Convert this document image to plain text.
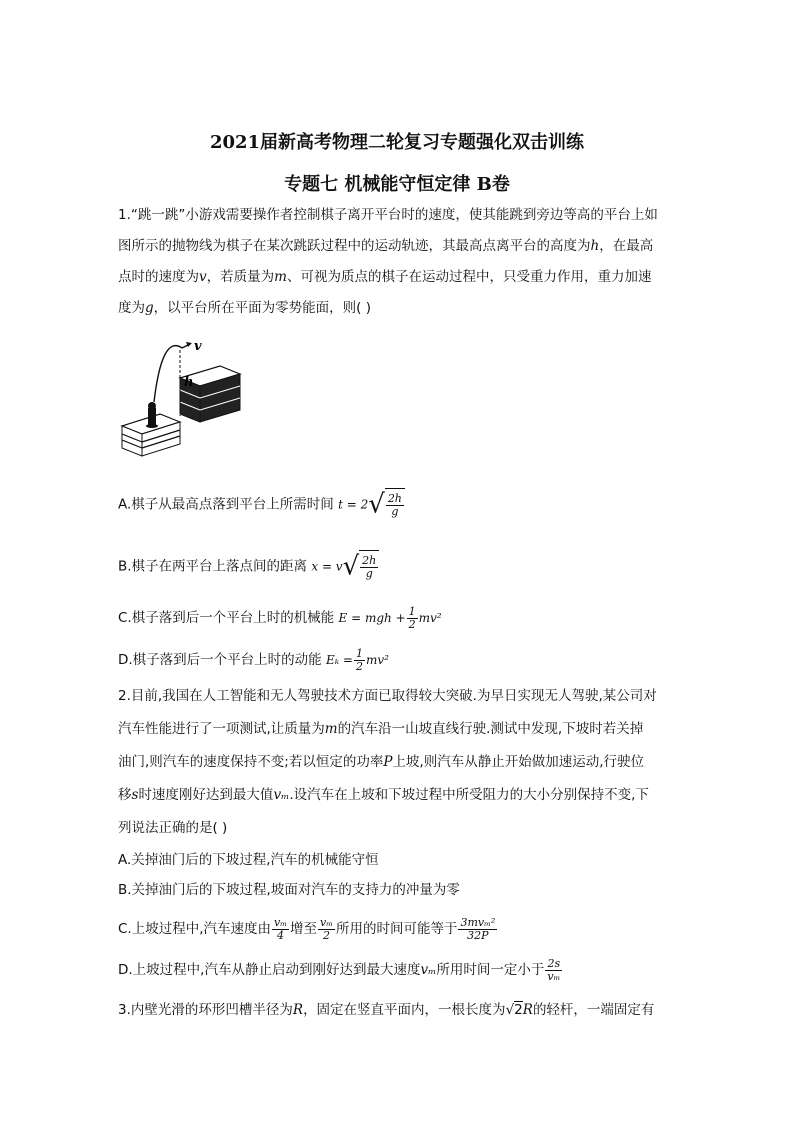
2021届新高考物理二轮复习专题强化双击训练
专题七 机械能守恒定律 B卷
1.“跳一跳”小游戏需要操作者控制棋子离开平台时的速度，使其能跳到旁边等高的平台上如
图所示的抛物线为棋子在某次跳跃过程中的运动轨迹，其最高点离平台的高度为h，在最高
点时的速度为v，若质量为m、可视为质点的棋子在运动过程中，只受重力作用，重力加速
度为g，以平台所在平面为零势能面，则( )
v
h
A.棋子从最高点落到平台上所需时间 $t = 2√ \frac{2h}{g}$
B.棋子在两平台上落点间的距离 $x = v√ \frac{2h}{g}$
C.棋子落到后一个平台上时的机械能 E = mgh + $\frac{1}{2} mv^2$
D.棋子落到后一个平台上时的动能 $E_k = \frac{1}{2} mv^2$
2.目前,我国在人工智能和无人驾驶技术方面已取得较大突破.为早日实现无人驾驶,某公司对
汽车性能进行了一项测试,让质量为m的汽车沿一山坡直线行驶.测试中发现,下坡时若关掉
油门,则汽车的速度保持不变;若以恒定的功率P上坡,则汽车从静止开始做加速运动,行驶位
移s时速度刚好达到最大值vₘ.设汽车在上坡和下坡过程中所受阻力的大小分别保持不变,下
列说法正确的是( )
A.关掉油门后的下坡过程,汽车的机械能守恒
B.关掉油门后的下坡过程,坡面对汽车的支持力的冲量为零
C.上坡过程中,汽车速度由 $\frac{\text{vₘ}}{4}$ 增至 $\frac{\text{vₘ}}{2}$ 所用的时间可能等于 $\frac{\text{3mvₘ²}}{32P}$
D.上坡过程中,汽车从静止启动到刚好达到最大速度vₘ所用时间一定小于 $\frac{2s}{\text{vₘ}}$
3.内壁光滑的环形凹槽半径为R，固定在竖直平面内，一根长度为√2R的轻杆，一端固定有
